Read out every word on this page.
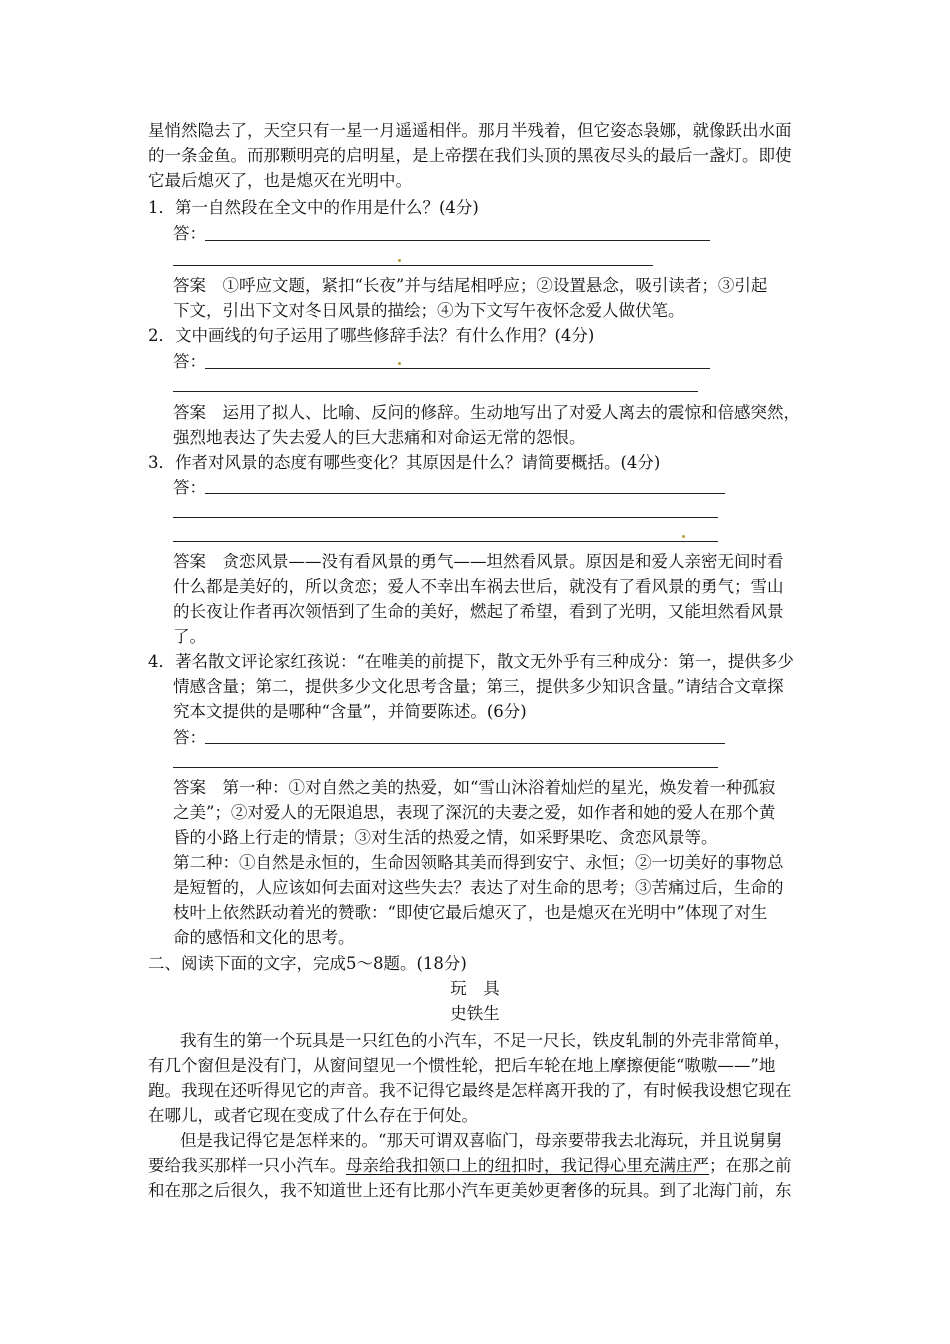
星悄然隐去了，天空只有一星一月遥遥相伴。那月半残着，但它姿态袅娜，就像跃出水面
的一条金鱼。而那颗明亮的启明星，是上帝摆在我们头顶的黑夜尽头的最后一盏灯。即使
它最后熄灭了，也是熄灭在光明中。
1．第一自然段在全文中的作用是什么？(4分)
答：
答案　①呼应文题，紧扣“长夜”并与结尾相呼应；②设置悬念，吸引读者；③引起
下文，引出下文对冬日风景的描绘；④为下文写午夜怀念爱人做伏笔。
2．文中画线的句子运用了哪些修辞手法？有什么作用？(4分)
答：
答案　运用了拟人、比喻、反问的修辞。生动地写出了对爱人离去的震惊和倍感突然，
强烈地表达了失去爱人的巨大悲痛和对命运无常的怨恨。
3．作者对风景的态度有哪些变化？其原因是什么？请简要概括。(4分)
答：
答案　贪恋风景——没有看风景的勇气——坦然看风景。原因是和爱人亲密无间时看
什么都是美好的，所以贪恋；爱人不幸出车祸去世后，就没有了看风景的勇气；雪山
的长夜让作者再次领悟到了生命的美好，燃起了希望，看到了光明，又能坦然看风景
了。
4．著名散文评论家红孩说：“在唯美的前提下，散文无外乎有三种成分：第一，提供多少
情感含量；第二，提供多少文化思考含量；第三，提供多少知识含量。”请结合文章探
究本文提供的是哪种“含量”，并简要陈述。(6分)
答：
答案　第一种：①对自然之美的热爱，如“雪山沐浴着灿烂的星光，焕发着一种孤寂
之美”；②对爱人的无限追思，表现了深沉的夫妻之爱，如作者和她的爱人在那个黄
昏的小路上行走的情景；③对生活的热爱之情，如采野果吃、贪恋风景等。
第二种：①自然是永恒的，生命因领略其美而得到安宁、永恒；②一切美好的事物总
是短暂的，人应该如何去面对这些失去？表达了对生命的思考；③苦痛过后，生命的
枝叶上依然跃动着光的赞歌：“即使它最后熄灭了，也是熄灭在光明中”体现了对生
命的感悟和文化的思考。
二、阅读下面的文字，完成5～8题。(18分)
玩　具
史铁生
我有生的第一个玩具是一只红色的小汽车，不足一尺长，铁皮轧制的外壳非常简单，
有几个窗但是没有门，从窗间望见一个惯性轮，把后车轮在地上摩擦便能“嗷嗷——”地
跑。我现在还听得见它的声音。我不记得它最终是怎样离开我的了，有时候我设想它现在
在哪儿，或者它现在变成了什么存在于何处。
但是我记得它是怎样来的。“那天可谓双喜临门，母亲要带我去北海玩，并且说舅舅
要给我买那样一只小汽车。母亲给我扣领口上的纽扣时，我记得心里充满庄严；在那之前
和在那之后很久，我不知道世上还有比那小汽车更美妙更奢侈的玩具。到了北海门前，东
